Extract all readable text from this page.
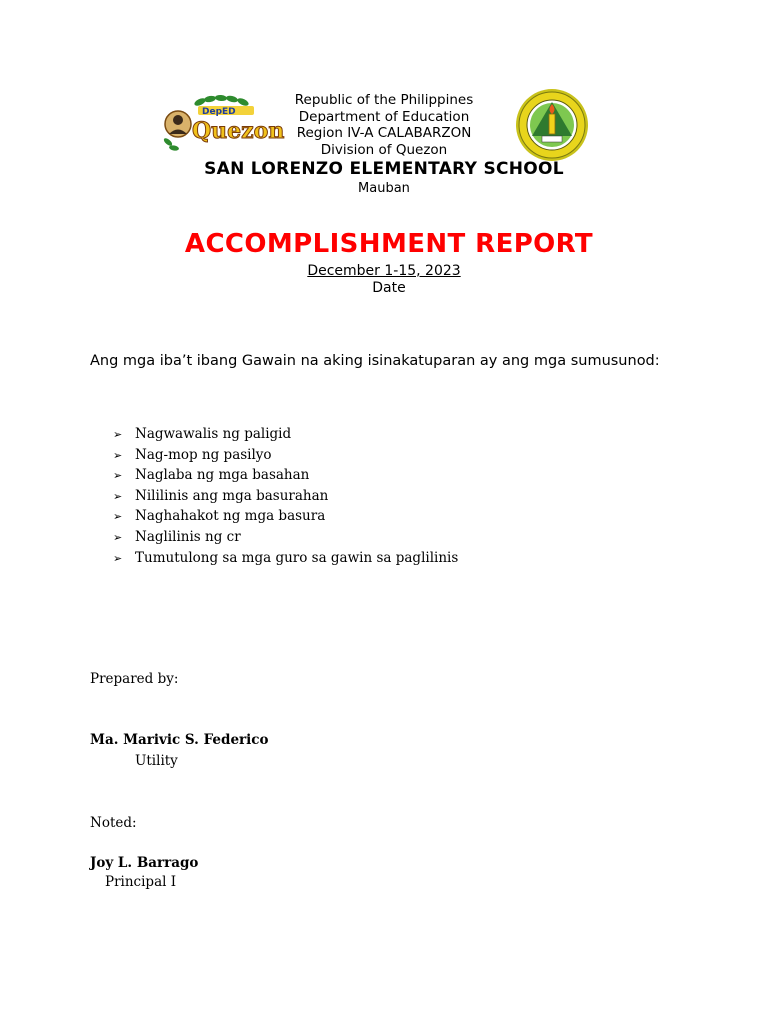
DepED
Quezon
Republic of the Philippines
Department of Education
Region IV-A CALABARZON
Division of Quezon
SAN LORENZO ELEMENTARY SCHOOL
Mauban
ACCOMPLISHMENT REPORT
December 1-15, 2023
Date
Ang mga iba’t ibang Gawain na aking isinakatuparan ay ang mga sumusunod:
➢ Nagwawalis ng paligid
➢ Nag-mop ng pasilyo
➢ Naglaba ng mga basahan
➢ Nililinis ang mga basurahan
➢ Naghahakot ng mga basura
➢ Naglilinis ng cr
➢ Tumutulong sa mga guro sa gawin sa paglilinis
Prepared by:
Ma. Marivic S. Federico
Utility
Noted:
Joy L. Barrago
Principal I
